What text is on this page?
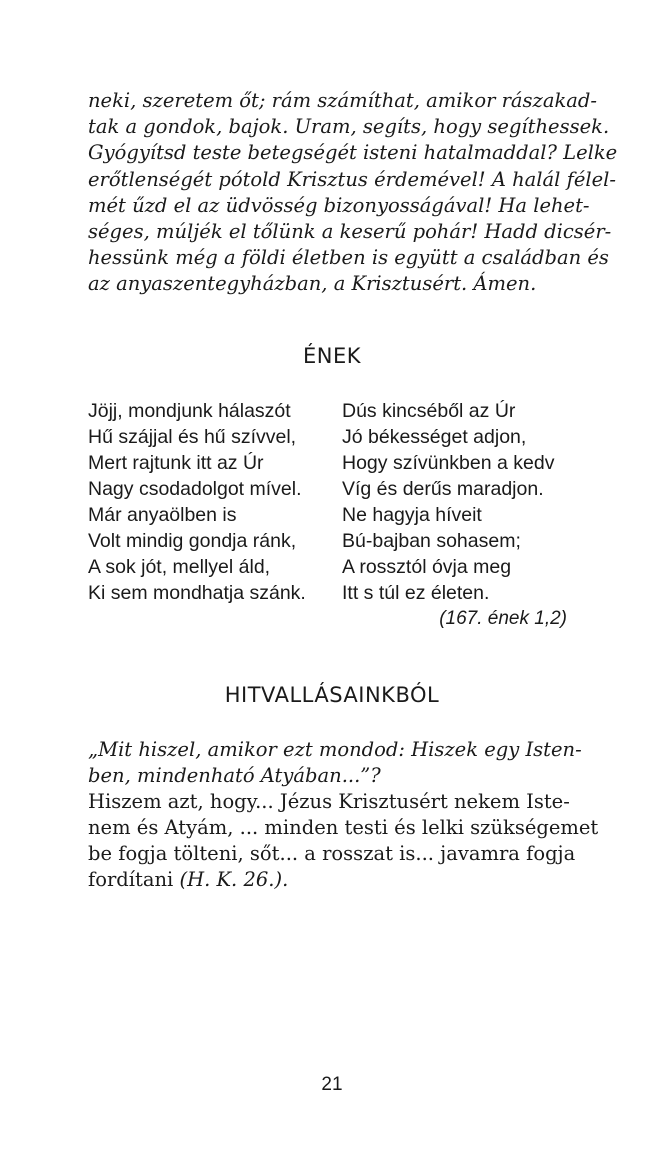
neki, szeretem őt; rám számíthat, amikor rászakad-
tak a gondok, bajok. Uram, segíts, hogy segíthessek.
Gyógyítsd teste betegségét isteni hatalmaddal? Lelke
erőtlenségét pótold Krisztus érdemével! A halál félel-
mét űzd el az üdvösség bizonyosságával! Ha lehet-
séges, múljék el tőlünk a keserű pohár! Hadd dicsér-
hessünk még a földi életben is együtt a családban és
az anyaszentegyházban, a Krisztusért. Ámen.
ÉNEK
Jöjj, mondjunk hálaszót
Hű szájjal és hű szívvel,
Mert rajtunk itt az Úr
Nagy csodadolgot mível.
Már anyaölben is
Volt mindig gondja ránk,
A sok jót, mellyel áld,
Ki sem mondhatja szánk.
Dús kincséből az Úr
Jó békességet adjon,
Hogy szívünkben a kedv
Víg és derűs maradjon.
Ne hagyja híveit
Bú-bajban sohasem;
A rossztól óvja meg
Itt s túl ez életen.
(167. ének 1,2)
HITVALLÁSAINKBÓL
„Mit hiszel, amikor ezt mondod: Hiszek egy Isten-
ben, mindenható Atyában...”?
Hiszem azt, hogy... Jézus Krisztusért nekem Iste-
nem és Atyám, ... minden testi és lelki szükségemet
be fogja tölteni, sőt... a rosszat is... javamra fogja
fordítani (H. K. 26.).
21
